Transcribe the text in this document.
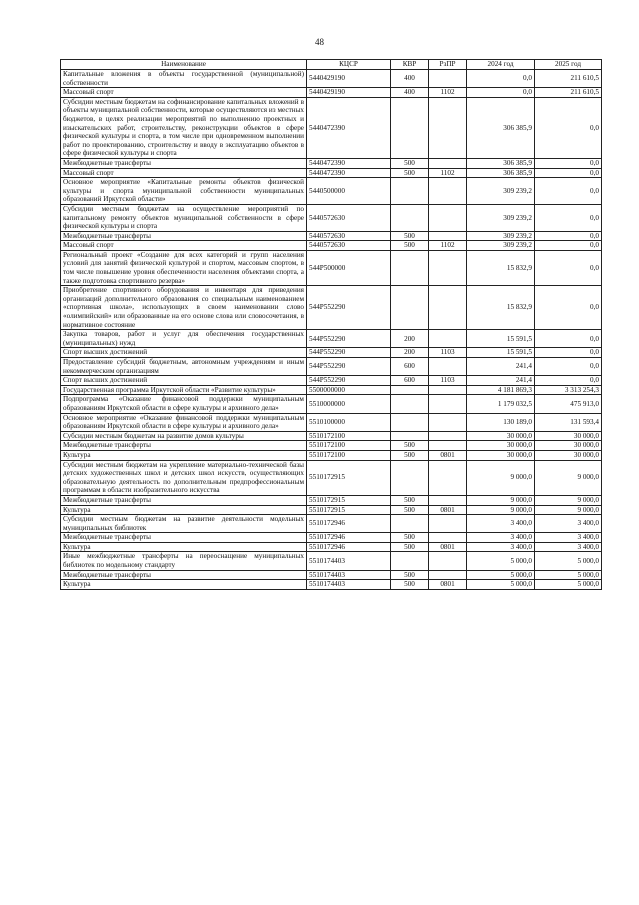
48
Наименование	КЦСР	КВР	РзПР	2024 год	2025 год
Капитальные вложения в объекты государственной (муниципальной) собственности	5440429190	400		0,0	211 610,5
Массовый спорт	5440429190	400	1102	0,0	211 610,5
Субсидии местным бюджетам на софинансирование капитальных вложений в объекты муниципальной собственности, которые осуществляются из местных бюджетов, в целях реализации мероприятий по выполнению проектных и изыскательских работ, строительству, реконструкции объектов в сфере физической культуры и спорта, в том числе при одновременном выполнении работ по проектированию, строительству и вводу в эксплуатацию объектов в сфере физической культуры и спорта	5440472390			306 385,9	0,0
Межбюджетные трансферты	5440472390	500		306 385,9	0,0
Массовый спорт	5440472390	500	1102	306 385,9	0,0
Основное мероприятие «Капитальные ремонты объектов физической культуры и спорта муниципальной собственности муниципальных образований Иркутской области»	5440500000			309 239,2	0,0
Субсидии местным бюджетам на осуществление мероприятий по капитальному ремонту объектов муниципальной собственности в сфере физической культуры и спорта	5440572630			309 239,2	0,0
Межбюджетные трансферты	5440572630	500		309 239,2	0,0
Массовый спорт	5440572630	500	1102	309 239,2	0,0
Региональный проект «Создание для всех категорий и групп населения условий для занятий физической культурой и спортом, массовым спортом, в том числе повышение уровня обеспеченности населения объектами спорта, а также подготовка спортивного резерва»	544P500000			15 832,9	0,0
Приобретение спортивного оборудования и инвентаря для приведения организаций дополнительного образования со специальным наименованием «спортивная школа», использующих в своем наименовании слово «олимпийский» или образованные на его основе слова или словосочетания, в нормативное состояние	544P552290			15 832,9	0,0
Закупка товаров, работ и услуг для обеспечения государственных (муниципальных) нужд	544P552290	200		15 591,5	0,0
Спорт высших достижений	544P552290	200	1103	15 591,5	0,0
Предоставление субсидий бюджетным, автономным учреждениям и иным некоммерческим организациям	544P552290	600		241,4	0,0
Спорт высших достижений	544P552290	600	1103	241,4	0,0
Государственная программа Иркутской области «Развитие культуры»	5500000000			4 181 869,3	3 313 254,3
Подпрограмма «Оказание финансовой поддержки муниципальным образованиям Иркутской области в сфере культуры и архивного дела»	5510000000			1 179 032,5	475 913,0
Основное мероприятие «Оказание финансовой поддержки муниципальным образованиям Иркутской области в сфере культуры и архивного дела»	5510100000			130 189,0	131 593,4
Субсидии местным бюджетам на развитие домов культуры	5510172100			30 000,0	30 000,0
Межбюджетные трансферты	5510172100	500		30 000,0	30 000,0
Культура	5510172100	500	0801	30 000,0	30 000,0
Субсидии местным бюджетам на укрепление материально-технической базы детских художественных школ и детских школ искусств, осуществляющих образовательную деятельность по дополнительным предпрофессиональным программам в области изобразительного искусства	5510172915			9 000,0	9 000,0
Межбюджетные трансферты	5510172915	500		9 000,0	9 000,0
Культура	5510172915	500	0801	9 000,0	9 000,0
Субсидии местным бюджетам на развитие деятельности модельных муниципальных библиотек	5510172946			3 400,0	3 400,0
Межбюджетные трансферты	5510172946	500		3 400,0	3 400,0
Культура	5510172946	500	0801	3 400,0	3 400,0
Иные межбюджетные трансферты на переоснащение муниципальных библиотек по модельному стандарту	5510174403			5 000,0	5 000,0
Межбюджетные трансферты	5510174403	500		5 000,0	5 000,0
Культура	5510174403	500	0801	5 000,0	5 000,0
